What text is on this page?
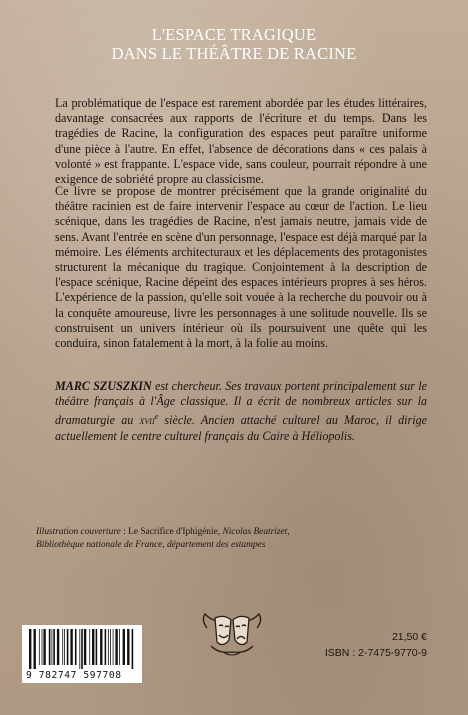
L'ESPACE TRAGIQUE
DANS LE THÉÂTRE DE RACINE

La problématique de l'espace est rarement abordée par les études littéraires, davantage consacrées aux rapports de l'écriture et du temps. Dans les tragédies de Racine, la configuration des espaces peut paraître uniforme d'une pièce à l'autre. En effet, l'absence de décorations dans « ces palais à volonté » est frappante. L'espace vide, sans couleur, pourrait répondre à une exigence de sobriété propre au classicisme.

Ce livre se propose de montrer précisément que la grande originalité du théâtre racinien est de faire intervenir l'espace au cœur de l'action. Le lieu scénique, dans les tragédies de Racine, n'est jamais neutre, jamais vide de sens. Avant l'entrée en scène d'un personnage, l'espace est déjà marqué par la mémoire. Les éléments architecturaux et les déplacements des protagonistes structurent la mécanique du tragique. Conjointement à la description de l'espace scénique, Racine dépeint des espaces intérieurs propres à ses héros. L'expérience de la passion, qu'elle soit vouée à la recherche du pouvoir ou à la conquête amoureuse, livre les personnages à une solitude nouvelle. Ils se construisent un univers intérieur où ils poursuivent une quête qui les conduira, sinon fatalement à la mort, à la folie au moins.

MARC SZUSZKIN est chercheur. Ses travaux portent principalement sur le théâtre français à l'Âge classique. Il a écrit de nombreux articles sur la dramaturgie au xvii$^e$ siècle. Ancien attaché culturel au Maroc, il dirige actuellement le centre culturel français du Caire à Héliopolis.
Illustration couverture : Le Sacrifice d'Iphigénie, Nicolas Beatrizet,
Bibliothèque nationale de France, département des estampes
9 782747 597708
21,50 €
ISBN : 2-7475-9770-9
